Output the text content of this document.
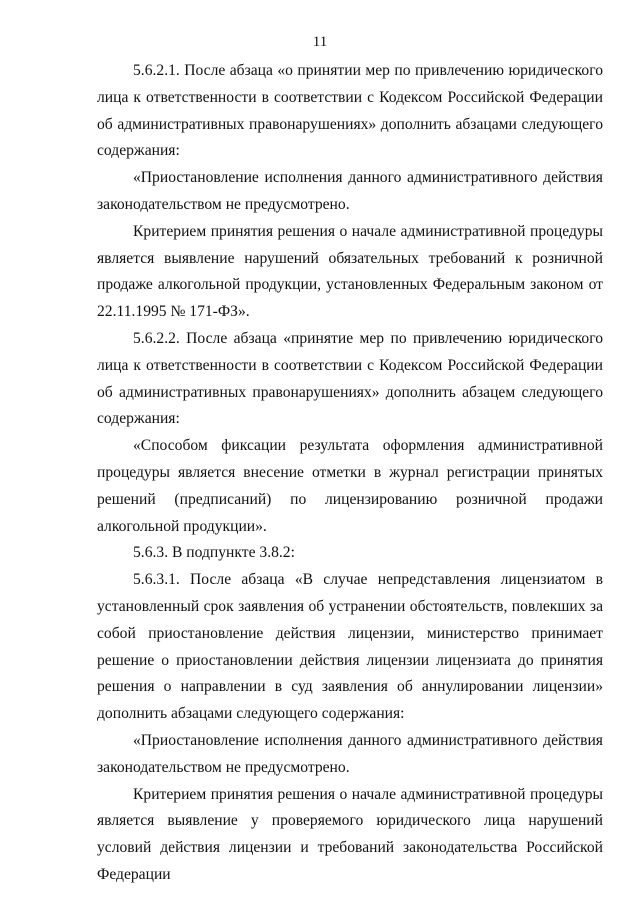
11

5.6.2.1. После абзаца «о принятии мер по привлечению юридического лица к ответственности в соответствии с Кодексом Российской Федерации об административных правонарушениях» дополнить абзацами следующего содержания:

«Приостановление исполнения данного административного действия законодательством не предусмотрено.

Критерием принятия решения о начале административной процедуры является выявление нарушений обязательных требований к розничной продаже алкогольной продукции, установленных Федеральным законом от 22.11.1995 № 171-ФЗ».

5.6.2.2. После абзаца «принятие мер по привлечению юридического лица к ответственности в соответствии с Кодексом Российской Федерации об административных правонарушениях» дополнить абзацем следующего содержания:

«Способом фиксации результата оформления административной процедуры является внесение отметки в журнал регистрации принятых решений (предписаний) по лицензированию розничной продажи алкогольной продукции».

5.6.3. В подпункте 3.8.2:

5.6.3.1. После абзаца «В случае непредставления лицензиатом в установленный срок заявления об устранении обстоятельств, повлекших за собой приостановление действия лицензии, министерство принимает решение о приостановлении действия лицензии лицензиата до принятия решения о направлении в суд заявления об аннулировании лицензии» дополнить абзацами следующего содержания:

«Приостановление исполнения данного административного действия законодательством не предусмотрено.

Критерием принятия решения о начале административной процедуры является выявление у проверяемого юридического лица нарушений условий действия лицензии и требований законодательства Российской Федерации
